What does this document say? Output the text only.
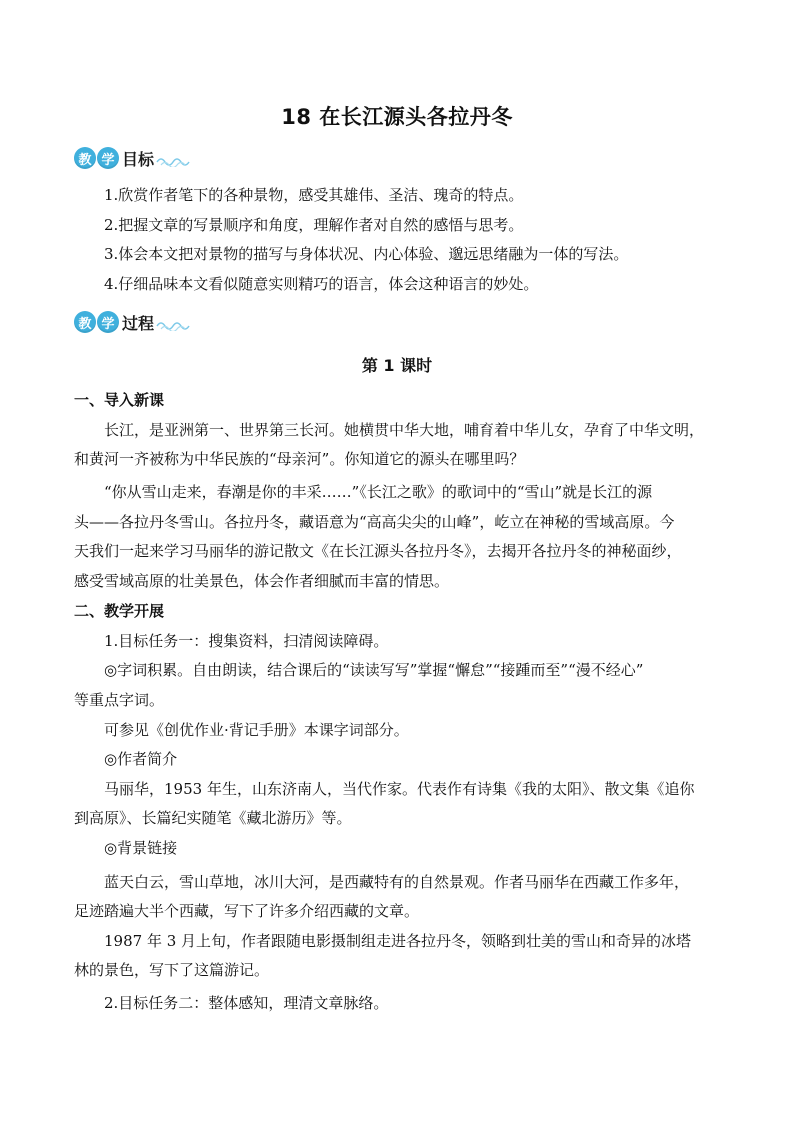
18 在长江源头各拉丹冬
教 学 目标
1.欣赏作者笔下的各种景物，感受其雄伟、圣洁、瑰奇的特点。
2.把握文章的写景顺序和角度，理解作者对自然的感悟与思考。
3.体会本文把对景物的描写与身体状况、内心体验、邈远思绪融为一体的写法。
4.仔细品味本文看似随意实则精巧的语言，体会这种语言的妙处。
教 学 过程
第 1 课时
一、导入新课
长江，是亚洲第一、世界第三长河。她横贯中华大地，哺育着中华儿女，孕育了中华文明，
和黄河一齐被称为中华民族的“母亲河”。你知道它的源头在哪里吗？
“你从雪山走来，春潮是你的丰采……”《长江之歌》的歌词中的“雪山”就是长江的源
头——各拉丹冬雪山。各拉丹冬，藏语意为“高高尖尖的山峰”，屹立在神秘的雪域高原。今
天我们一起来学习马丽华的游记散文《在长江源头各拉丹冬》，去揭开各拉丹冬的神秘面纱，
感受雪域高原的壮美景色，体会作者细腻而丰富的情思。
二、教学开展
1.目标任务一：搜集资料，扫清阅读障碍。
◎字词积累。自由朗读，结合课后的“读读写写”掌握“懈怠”“接踵而至”“漫不经心”
等重点字词。
可参见《创优作业·背记手册》本课字词部分。
◎作者简介
马丽华，1953 年生，山东济南人，当代作家。代表作有诗集《我的太阳》、散文集《追你
到高原》、长篇纪实随笔《藏北游历》等。
◎背景链接
蓝天白云，雪山草地，冰川大河，是西藏特有的自然景观。作者马丽华在西藏工作多年，
足迹踏遍大半个西藏，写下了许多介绍西藏的文章。
1987 年 3 月上旬，作者跟随电影摄制组走进各拉丹冬，领略到壮美的雪山和奇异的冰塔
林的景色，写下了这篇游记。
2.目标任务二：整体感知，理清文章脉络。
